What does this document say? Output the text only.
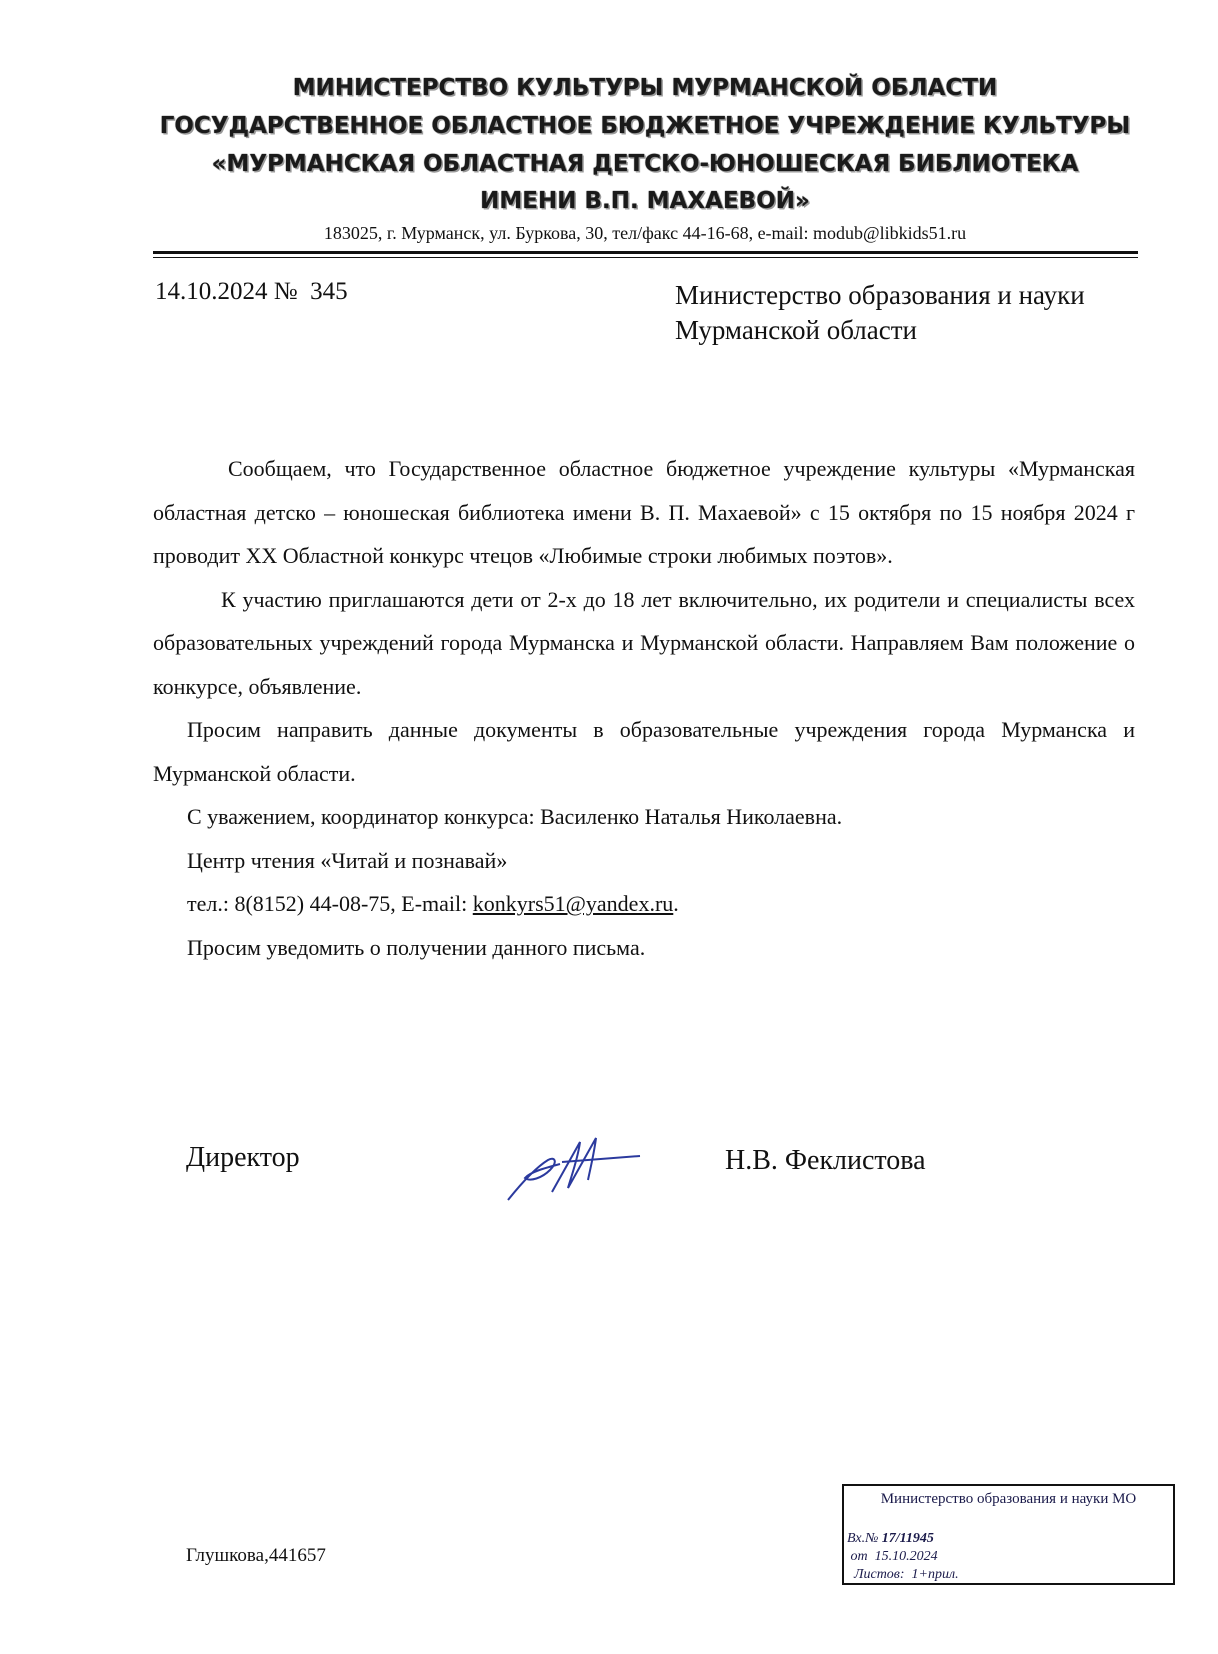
МИНИСТЕРСТВО КУЛЬТУРЫ МУРМАНСКОЙ ОБЛАСТИ
ГОСУДАРСТВЕННОЕ ОБЛАСТНОЕ БЮДЖЕТНОЕ УЧРЕЖДЕНИЕ КУЛЬТУРЫ
«МУРМАНСКАЯ ОБЛАСТНАЯ ДЕТСКО-ЮНОШЕСКАЯ БИБЛИОТЕКА
ИМЕНИ В.П. МАХАЕВОЙ»
183025, г. Мурманск, ул. Буркова, 30, тел/факс 44-16-68, e-mail: modub@libkids51.ru
14.10.2024 №  345	Министерство образования и науки
Мурманской области

Сообщаем, что Государственное областное бюджетное учреждение культуры «Мурманская областная детско – юношеская библиотека имени В. П. Махаевой» с 15 октября по 15 ноября 2024 г проводит XX Областной конкурс чтецов «Любимые строки любимых поэтов».

К участию приглашаются дети от 2-х до 18 лет включительно, их родители и специалисты всех образовательных учреждений города Мурманска и Мурманской области. Направляем Вам положение о конкурсе, объявление.

Просим направить данные документы в образовательные учреждения города Мурманска и Мурманской области.

С уважением, координатор конкурса: Василенко Наталья Николаевна.

Центр чтения «Читай и познавай»

тел.: 8(8152) 44-08-75, E-mail: konkyrs51@yandex.ru.

Просим уведомить о получении данного письма.

Директор	Н.В. Феклистова
Глушкова,441657
Министерство образования и науки МО
Вх.№ 17/11945
от 15.10.2024
Листов: 1+прил.
